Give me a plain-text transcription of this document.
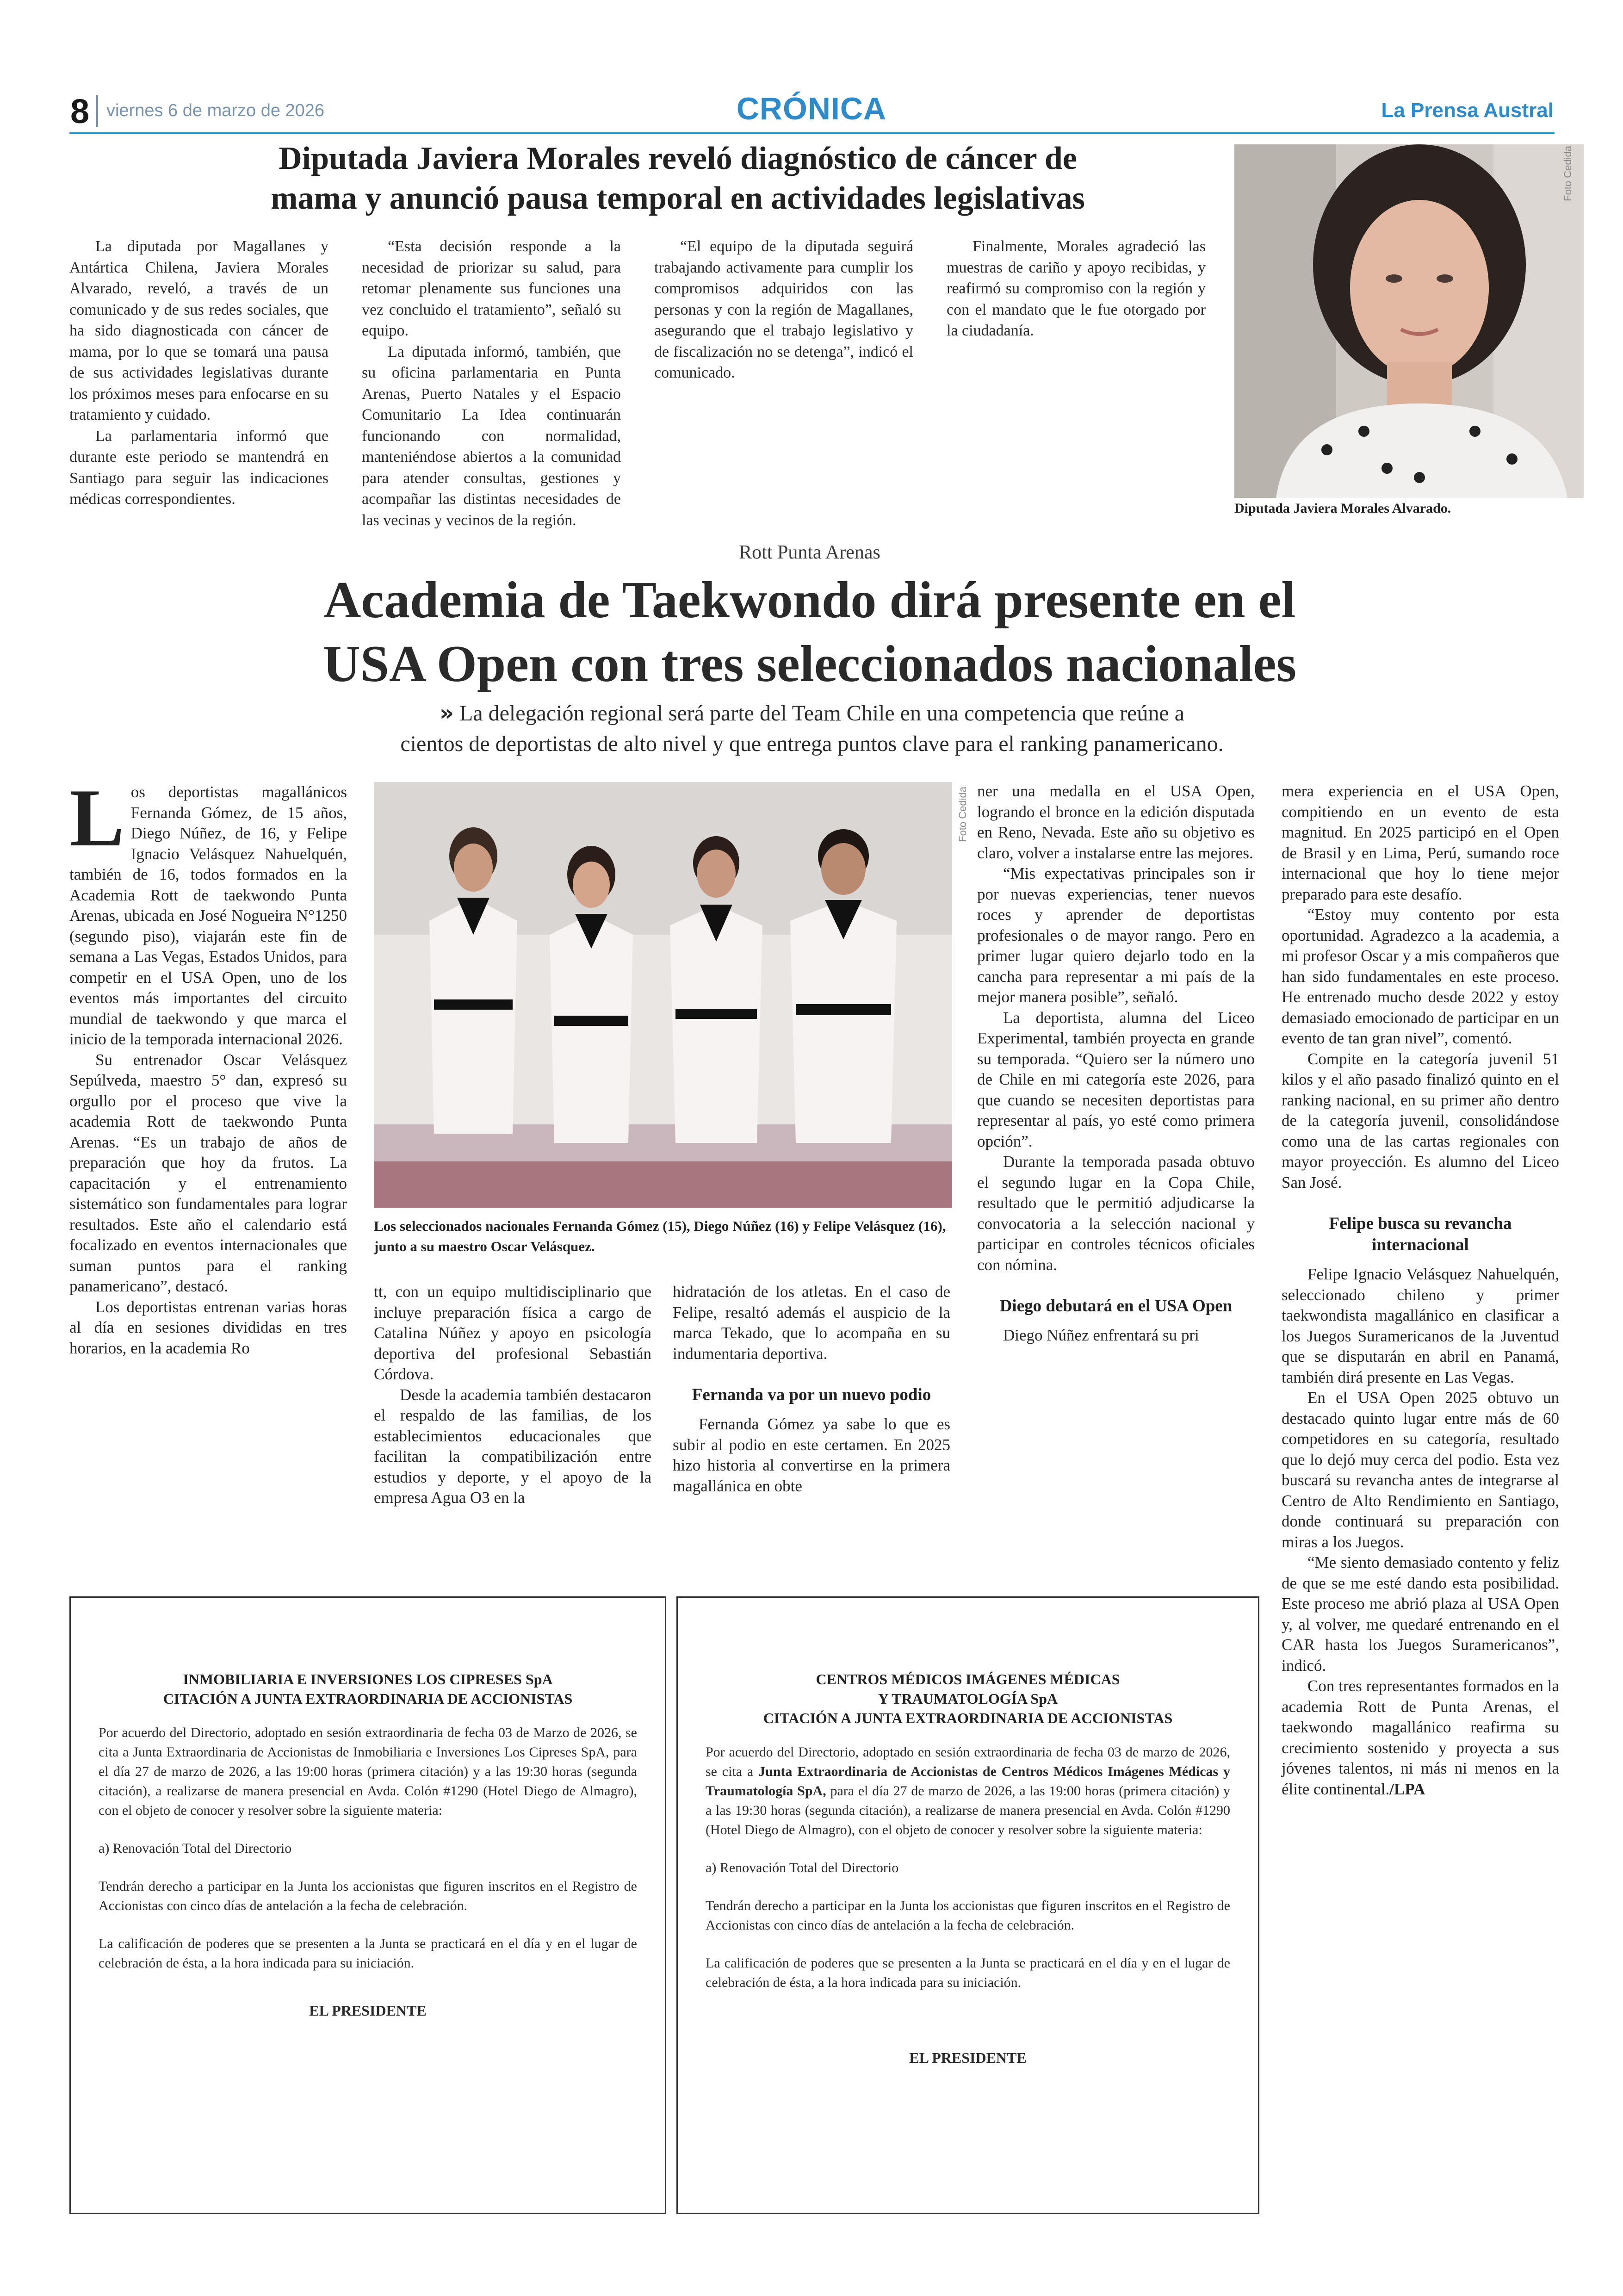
8 viernes 6 de marzo de 2026	CRÓNICA	La Prensa Austral
Diputada Javiera Morales reveló diagnóstico de cáncer de
mama y anunció pausa temporal en actividades legislativas

La diputada por Magallanes y Antártica Chilena, Javiera Morales Alvarado, reveló, a través de un comunicado y de sus redes sociales, que ha sido diagnosticada con cáncer de mama, por lo que se tomará una pausa de sus actividades legislativas durante los próximos meses para enfocarse en su tratamiento y cuidado.

La parlamentaria informó que durante este periodo se mantendrá en Santiago para seguir las indicaciones médicas correspondientes.

“Esta decisión responde a la necesidad de priorizar su salud, para retomar plenamente sus funciones una vez concluido el tratamiento”, señaló su equipo.

La diputada informó, también, que su oficina parlamentaria en Punta Arenas, Puerto Natales y el Espacio Comunitario La Idea continuarán funcionando con normalidad, manteniéndose abiertos a la comunidad para atender consultas, gestiones y acompañar las distintas necesidades de las vecinas y vecinos de la región.

“El equipo de la diputada seguirá trabajando activamente para cumplir los compromisos adquiridos con las personas y con la región de Magallanes, asegurando que el trabajo legislativo y de fiscalización no se detenga”, indicó el comunicado.

Finalmente, Morales agradeció las muestras de cariño y apoyo recibidas, y reafirmó su compromiso con la región y con el mandato que le fue otorgado por la ciudadanía.

Foto Cedida
Diputada Javiera Morales Alvarado.
Rott Punta Arenas
Academia de Taekwondo dirá presente en el
USA Open con tres seleccionados nacionales
» La delegación regional será parte del Team Chile en una competencia que reúne a
cientos de deportistas de alto nivel y que entrega puntos clave para el ranking panamericano.

Los deportistas magallánicos Fernanda Gómez, de 15 años, Diego Núñez, de 16, y Felipe Ignacio Velásquez Nahuelquén, también de 16, todos formados en la Academia Rott de taekwondo Punta Arenas, ubicada en José Nogueira N°1250 (segundo piso), viajarán este fin de semana a Las Vegas, Estados Unidos, para competir en el USA Open, uno de los eventos más importantes del circuito mundial de taekwondo y que marca el inicio de la temporada internacional 2026.

Su entrenador Oscar Velásquez Sepúlveda, maestro 5° dan, expresó su orgullo por el proceso que vive la academia Rott de taekwondo Punta Arenas. “Es un trabajo de años de preparación que hoy da frutos. La capacitación y el entrenamiento sistemático son fundamentales para lograr resultados. Este año el calendario está focalizado en eventos internacionales que suman puntos para el ranking panamericano”, destacó.

Los deportistas entrenan varias horas al día en sesiones divididas en tres horarios, en la academia Ro

Foto Cedida
Los seleccionados nacionales Fernanda Gómez (15), Diego Núñez (16) y Felipe Velásquez (16), junto a su maestro Oscar Velásquez.

tt, con un equipo multidisciplinario que incluye preparación física a cargo de Catalina Núñez y apoyo en psicología deportiva del profesional Sebastián Córdova.

Desde la academia también destacaron el respaldo de las familias, de los establecimientos educacionales que facilitan la compatibilización entre estudios y deporte, y el apoyo de la empresa Agua O3 en la

hidratación de los atletas. En el caso de Felipe, resaltó además el auspicio de la marca Tekado, que lo acompaña en su indumentaria deportiva.

Fernanda va por un nuevo podio

Fernanda Gómez ya sabe lo que es subir al podio en este certamen. En 2025 hizo historia al convertirse en la primera magallánica en obte

ner una medalla en el USA Open, logrando el bronce en la edición disputada en Reno, Nevada. Este año su objetivo es claro, volver a instalarse entre las mejores.

“Mis expectativas principales son ir por nuevas experiencias, tener nuevos roces y aprender de deportistas profesionales o de mayor rango. Pero en primer lugar quiero dejarlo todo en la cancha para representar a mi país de la mejor manera posible”, señaló.

La deportista, alumna del Liceo Experimental, también proyecta en grande su temporada. “Quiero ser la número uno de Chile en mi categoría este 2026, para que cuando se necesiten deportistas para representar al país, yo esté como primera opción”.

Durante la temporada pasada obtuvo el segundo lugar en la Copa Chile, resultado que le permitió adjudicarse la convocatoria a la selección nacional y participar en controles técnicos oficiales con nómina.

Diego debutará en el USA Open

Diego Núñez enfrentará su pri

mera experiencia en el USA Open, compitiendo en un evento de esta magnitud. En 2025 participó en el Open de Brasil y en Lima, Perú, sumando roce internacional que hoy lo tiene mejor preparado para este desafío.

“Estoy muy contento por esta oportunidad. Agradezco a la academia, a mi profesor Oscar y a mis compañeros que han sido fundamentales en este proceso. He entrenado mucho desde 2022 y estoy demasiado emocionado de participar en un evento de tan gran nivel”, comentó.

Compite en la categoría juvenil 51 kilos y el año pasado finalizó quinto en el ranking nacional, en su primer año dentro de la categoría juvenil, consolidándose como una de las cartas regionales con mayor proyección. Es alumno del Liceo San José.

Felipe busca su revancha internacional

Felipe Ignacio Velásquez Nahuelquén, seleccionado chileno y primer taekwondista magallánico en clasificar a los Juegos Suramericanos de la Juventud que se disputarán en abril en Panamá, también dirá presente en Las Vegas.

En el USA Open 2025 obtuvo un destacado quinto lugar entre más de 60 competidores en su categoría, resultado que lo dejó muy cerca del podio. Esta vez buscará su revancha antes de integrarse al Centro de Alto Rendimiento en Santiago, donde continuará su preparación con miras a los Juegos.

“Me siento demasiado contento y feliz de que se me esté dando esta posibilidad. Este proceso me abrió plaza al USA Open y, al volver, me quedaré entrenando en el CAR hasta los Juegos Suramericanos”, indicó.

Con tres representantes formados en la academia Rott de Punta Arenas, el taekwondo magallánico reafirma su crecimiento sostenido y proyecta a sus jóvenes talentos, ni más ni menos en la élite continental./LPA

INMOBILIARIA E INVERSIONES LOS CIPRESES SpA
CITACIÓN A JUNTA EXTRAORDINARIA DE ACCIONISTAS

Por acuerdo del Directorio, adoptado en sesión extraordinaria de fecha 03 de Marzo de 2026, se cita a Junta Extraordinaria de Accionistas de Inmobiliaria e Inversiones Los Cipreses SpA, para el día 27 de marzo de 2026, a las 19:00 horas (primera citación) y a las 19:30 horas (segunda citación), a realizarse de manera presencial en Avda. Colón #1290 (Hotel Diego de Almagro), con el objeto de conocer y resolver sobre la siguiente materia:

a) Renovación Total del Directorio

Tendrán derecho a participar en la Junta los accionistas que figuren inscritos en el Registro de Accionistas con cinco días de antelación a la fecha de celebración.

La calificación de poderes que se presenten a la Junta se practicará en el día y en el lugar de celebración de ésta, a la hora indicada para su iniciación.

EL PRESIDENTE
CENTROS MÉDICOS IMÁGENES MÉDICAS
Y TRAUMATOLOGÍA SpA
CITACIÓN A JUNTA EXTRAORDINARIA DE ACCIONISTAS

Por acuerdo del Directorio, adoptado en sesión extraordinaria de fecha 03 de marzo de 2026, se cita a Junta Extraordinaria de Accionistas de Centros Médicos Imágenes Médicas y Traumatología SpA, para el día 27 de marzo de 2026, a las 19:00 horas (primera citación) y a las 19:30 horas (segunda citación), a realizarse de manera presencial en Avda. Colón #1290 (Hotel Diego de Almagro), con el objeto de conocer y resolver sobre la siguiente materia:

a) Renovación Total del Directorio

Tendrán derecho a participar en la Junta los accionistas que figuren inscritos en el Registro de Accionistas con cinco días de antelación a la fecha de celebración.

La calificación de poderes que se presenten a la Junta se practicará en el día y en el lugar de celebración de ésta, a la hora indicada para su iniciación.

EL PRESIDENTE
